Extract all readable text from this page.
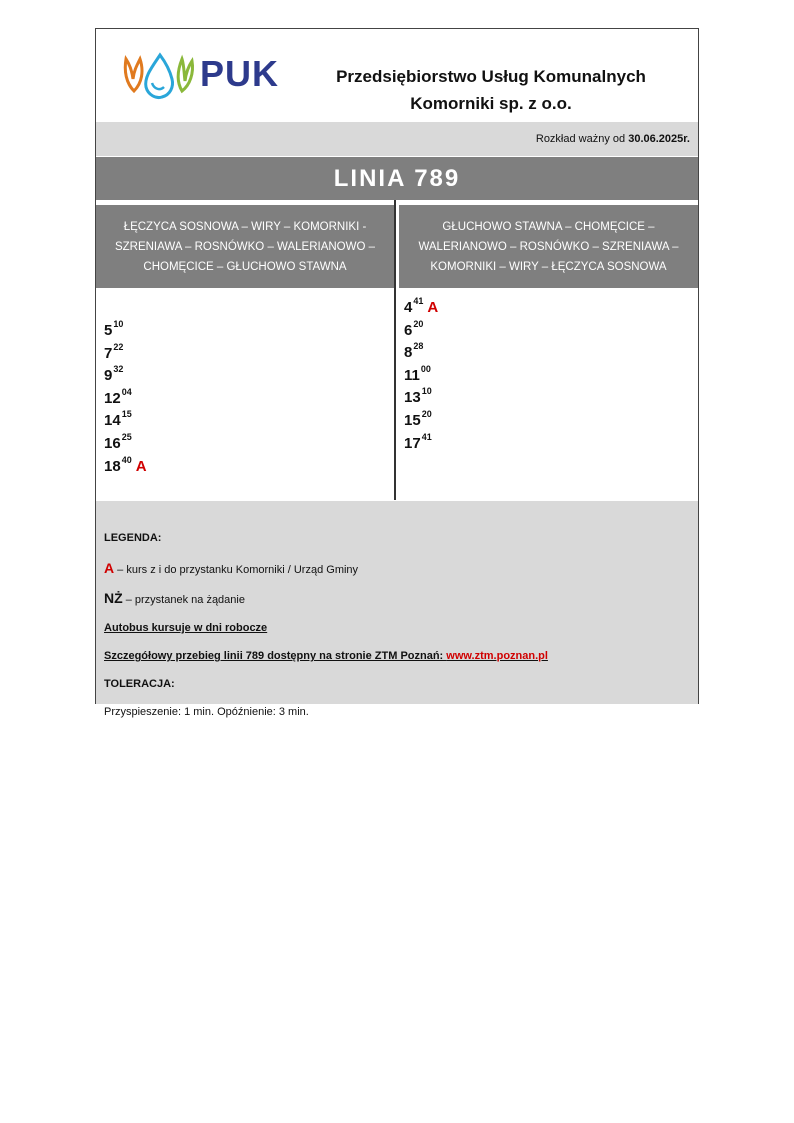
PUK	Przedsiębiorstwo Usług Komunalnych
Komorniki sp. z o.o.
Rozkład ważny od 30.06.2025r.
LINIA 789
ŁĘCZYCA SOSNOWA – WIRY – KOMORNIKI - SZRENIAWA – ROSNÓWKO – WALERIANOWO – CHOMĘCICE – GŁUCHOWO STAWNA
GŁUCHOWO STAWNA – CHOMĘCICE – WALERIANOWO – ROSNÓWKO – SZRENIAWA – KOMORNIKI – WIRY – ŁĘCZYCA SOSNOWA
$5^{10}$
$7^{22}$
$9^{32}$
$12^{04}$
$14^{15}$
$16^{25}$
$18^{40}$ A
$4^{41}$ A
$6^{20}$
$8^{28}$
$11^{00}$
$13^{10}$
$15^{20}$
$17^{41}$
LEGENDA:
A – kurs z i do przystanku Komorniki / Urząd Gminy
NŻ – przystanek na żądanie
Autobus kursuje w dni robocze
Szczegółowy przebieg linii 789 dostępny na stronie ZTM Poznań: www.ztm.poznan.pl
TOLERACJA:
Przyspieszenie: 1 min. Opóźnienie: 3 min.
